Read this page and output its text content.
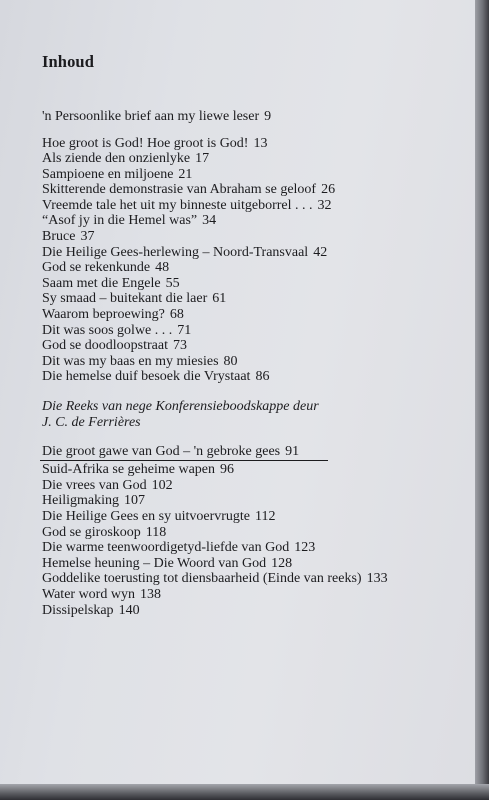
Inhoud
'n Persoonlike brief aan my liewe leser 9
Hoe groot is God! Hoe groot is God! 13
Als ziende den onzienlyke 17
Sampioene en miljoene 21
Skitterende demonstrasie van Abraham se geloof 26
Vreemde tale het uit my binneste uitgeborrel . . . 32
“Asof jy in die Hemel was” 34
Bruce 37
Die Heilige Gees-herlewing – Noord-Transvaal 42
God se rekenkunde 48
Saam met die Engele 55
Sy smaad – buitekant die laer 61
Waarom beproewing? 68
Dit was soos golwe . . . 71
God se doodloopstraat 73
Dit was my baas en my miesies 80
Die hemelse duif besoek die Vrystaat 86
Die Reeks van nege Konferensieboodskappe deur
J. C. de Ferrières
Die groot gawe van God – 'n gebroke gees 91
Suid-Afrika se geheime wapen 96
Die vrees van God 102
Heiligmaking 107
Die Heilige Gees en sy uitvoervrugte 112
God se giroskoop 118
Die warme teenwoordigetyd-liefde van God 123
Hemelse heuning – Die Woord van God 128
Goddelike toerusting tot diensbaarheid (Einde van reeks) 133
Water word wyn 138
Dissipelskap 140
